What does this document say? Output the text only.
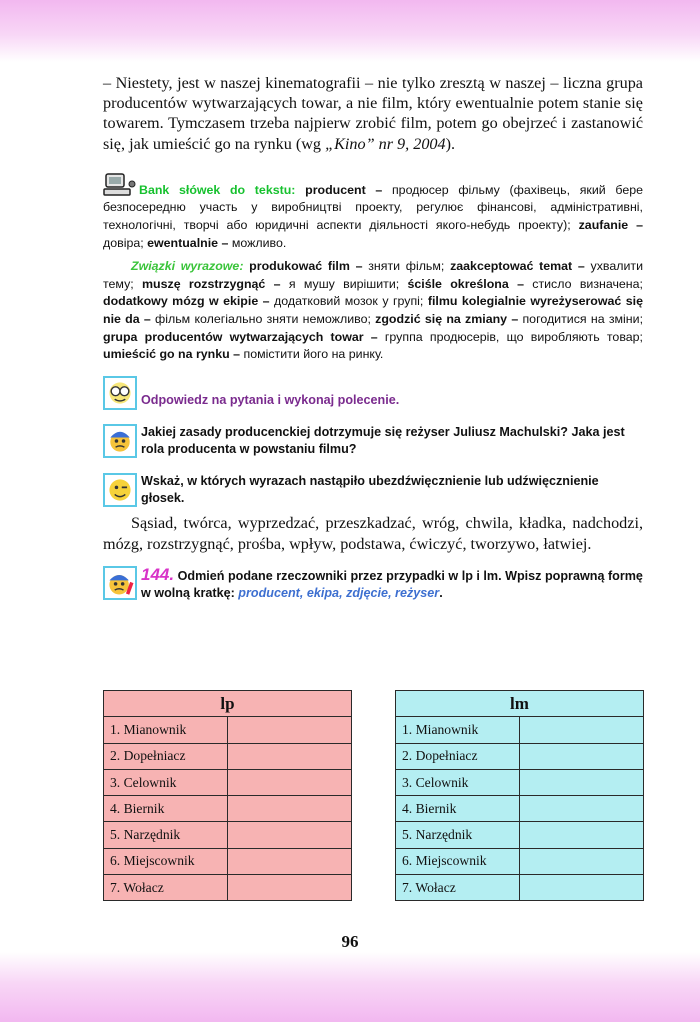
– Niestety, jest w naszej kinematografii – nie tylko zresztą w naszej – liczna grupa producentów wytwarzających towar, a nie film, który ewentualnie potem stanie się towarem. Tymczasem trzeba najpierw zrobić film, potem go obejrzeć i zastanowić się, jak umieścić go na rynku (wg „Kino” nr 9, 2004).

Bank słówek do tekstu: producent – продюсер фільму (фахівець, який бере безпосередню участь у виробництві проекту, регулює фінансові, адміністративні, технологічні, творчі або юридичні аспекти діяльності якого-небудь проекту); zaufanie – довіра; ewentualnie – можливо.

Związki wyrazowe: produkować film – зняти фільм; zaakceptować temat – ухвалити тему; muszę rozstrzygnąć – я мушу вирішити; ściśle określona – стисло визначена; dodatkowy mózg w ekipie – додатковий мозок у групі; filmu kolegialnie wyreżyserować się nie da – фільм колегіально зняти неможливо; zgodzić się na zmiany – погодитися на зміни; grupa producentów wytwarzających towar – группа продюсерів, що виробляють товар; umieścić go na rynku – помістити його на ринку.

Odpowiedz na pytania i wykonaj polecenie.
Jakiej zasady producenckiej dotrzymuje się reżyser Juliusz Machulski? Jaka jest rola producenta w powstaniu filmu?
Wskaż, w których wyrazach nastąpiło ubezdźwięcznienie lub udźwięcznienie głosek.

Sąsiad, twórca, wyprzedzać, przeszkadzać, wróg, chwila, kładka, nadchodzi, mózg, rozstrzygnąć, prośba, wpływ, podstawa, ćwiczyć, tworzywo, łatwiej.

144. Odmień podane rzeczowniki przez przypadki w lp i lm. Wpisz poprawną formę w wolną kratkę: producent, ekipa, zdjęcie, reżyser.
lp	
1. Mianownik	
2. Dopełniacz	
3. Celownik	
4. Biernik	
5. Narzędnik	
6. Miejscownik	
7. Wołacz	
lm	
1. Mianownik	
2. Dopełniacz	
3. Celownik	
4. Biernik	
5. Narzędnik	
6. Miejscownik	
7. Wołacz	
96
